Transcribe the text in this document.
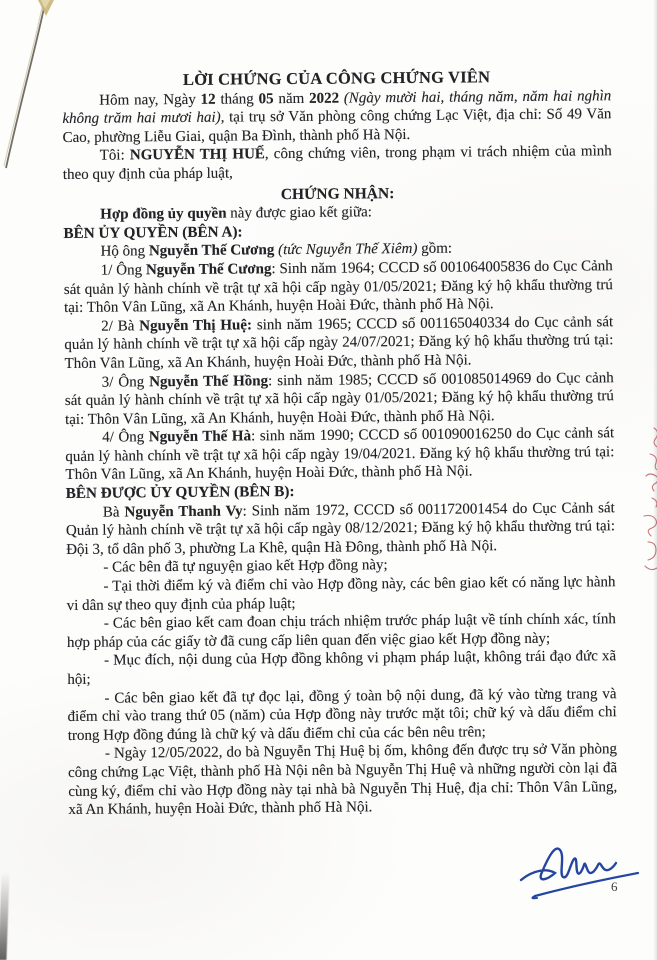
LỜI CHỨNG CỦA CÔNG CHỨNG VIÊN

Hôm nay, Ngày 12 tháng 05 năm 2022 (Ngày mười hai, tháng năm, năm hai nghìn không trăm hai mươi hai), tại trụ sở Văn phòng công chứng Lạc Việt, địa chỉ: Số 49 Văn Cao, phường Liễu Giai, quận Ba Đình, thành phố Hà Nội.

Tôi: NGUYỄN THỊ HUẾ, công chứng viên, trong phạm vi trách nhiệm của mình theo quy định của pháp luật,

CHỨNG NHẬN:

Hợp đồng ủy quyền này được giao kết giữa:

BÊN ỦY QUYỀN (BÊN A):

Hộ ông Nguyễn Thế Cương (tức Nguyễn Thế Xiêm) gồm:

1/ Ông Nguyễn Thế Cương: Sinh năm 1964; CCCD số 001064005836 do Cục Cảnh sát quản lý hành chính về trật tự xã hội cấp ngày 01/05/2021; Đăng ký hộ khẩu thường trú tại: Thôn Vân Lũng, xã An Khánh, huyện Hoài Đức, thành phố Hà Nội.

2/ Bà Nguyễn Thị Huệ: sinh năm 1965; CCCD số 001165040334 do Cục cảnh sát quản lý hành chính về trật tự xã hội cấp ngày 24/07/2021; Đăng ký hộ khẩu thường trú tại: Thôn Vân Lũng, xã An Khánh, huyện Hoài Đức, thành phố Hà Nội.

3/ Ông Nguyễn Thế Hồng: sinh năm 1985; CCCD số 001085014969 do Cục cảnh sát quản lý hành chính về trật tự xã hội cấp ngày 01/05/2021; Đăng ký hộ khẩu thường trú tại: Thôn Vân Lũng, xã An Khánh, huyện Hoài Đức, thành phố Hà Nội.

4/ Ông Nguyễn Thế Hà: sinh năm 1990; CCCD số 001090016250 do Cục cảnh sát quản lý hành chính về trật tự xã hội cấp ngày 19/04/2021. Đăng ký hộ khẩu thường trú tại: Thôn Vân Lũng, xã An Khánh, huyện Hoài Đức, thành phố Hà Nội.

BÊN ĐƯỢC ỦY QUYỀN (BÊN B):

Bà Nguyễn Thanh Vy: Sinh năm 1972, CCCD số 001172001454 do Cục Cảnh sát Quản lý hành chính về trật tự xã hội cấp ngày 08/12/2021; Đăng ký hộ khẩu thường trú tại: Đội 3, tổ dân phố 3, phường La Khê, quận Hà Đông, thành phố Hà Nội.

- Các bên đã tự nguyện giao kết Hợp đồng này;

- Tại thời điểm ký và điểm chỉ vào Hợp đồng này, các bên giao kết có năng lực hành vi dân sự theo quy định của pháp luật;

- Các bên giao kết cam đoan chịu trách nhiệm trước pháp luật về tính chính xác, tính hợp pháp của các giấy tờ đã cung cấp liên quan đến việc giao kết Hợp đồng này;

- Mục đích, nội dung của Hợp đồng không vi phạm pháp luật, không trái đạo đức xã hội;

- Các bên giao kết đã tự đọc lại, đồng ý toàn bộ nội dung, đã ký vào từng trang và điểm chỉ vào trang thứ 05 (năm) của Hợp đồng này trước mặt tôi; chữ ký và dấu điểm chỉ trong Hợp đồng đúng là chữ ký và dấu điểm chỉ của các bên nêu trên;

- Ngày 12/05/2022, do bà Nguyễn Thị Huệ bị ốm, không đến được trụ sở Văn phòng công chứng Lạc Việt, thành phố Hà Nội nên bà Nguyễn Thị Huệ và những người còn lại đã cùng ký, điểm chỉ vào Hợp đồng này tại nhà bà Nguyễn Thị Huệ, địa chỉ: Thôn Vân Lũng, xã An Khánh, huyện Hoài Đức, thành phố Hà Nội.

6
